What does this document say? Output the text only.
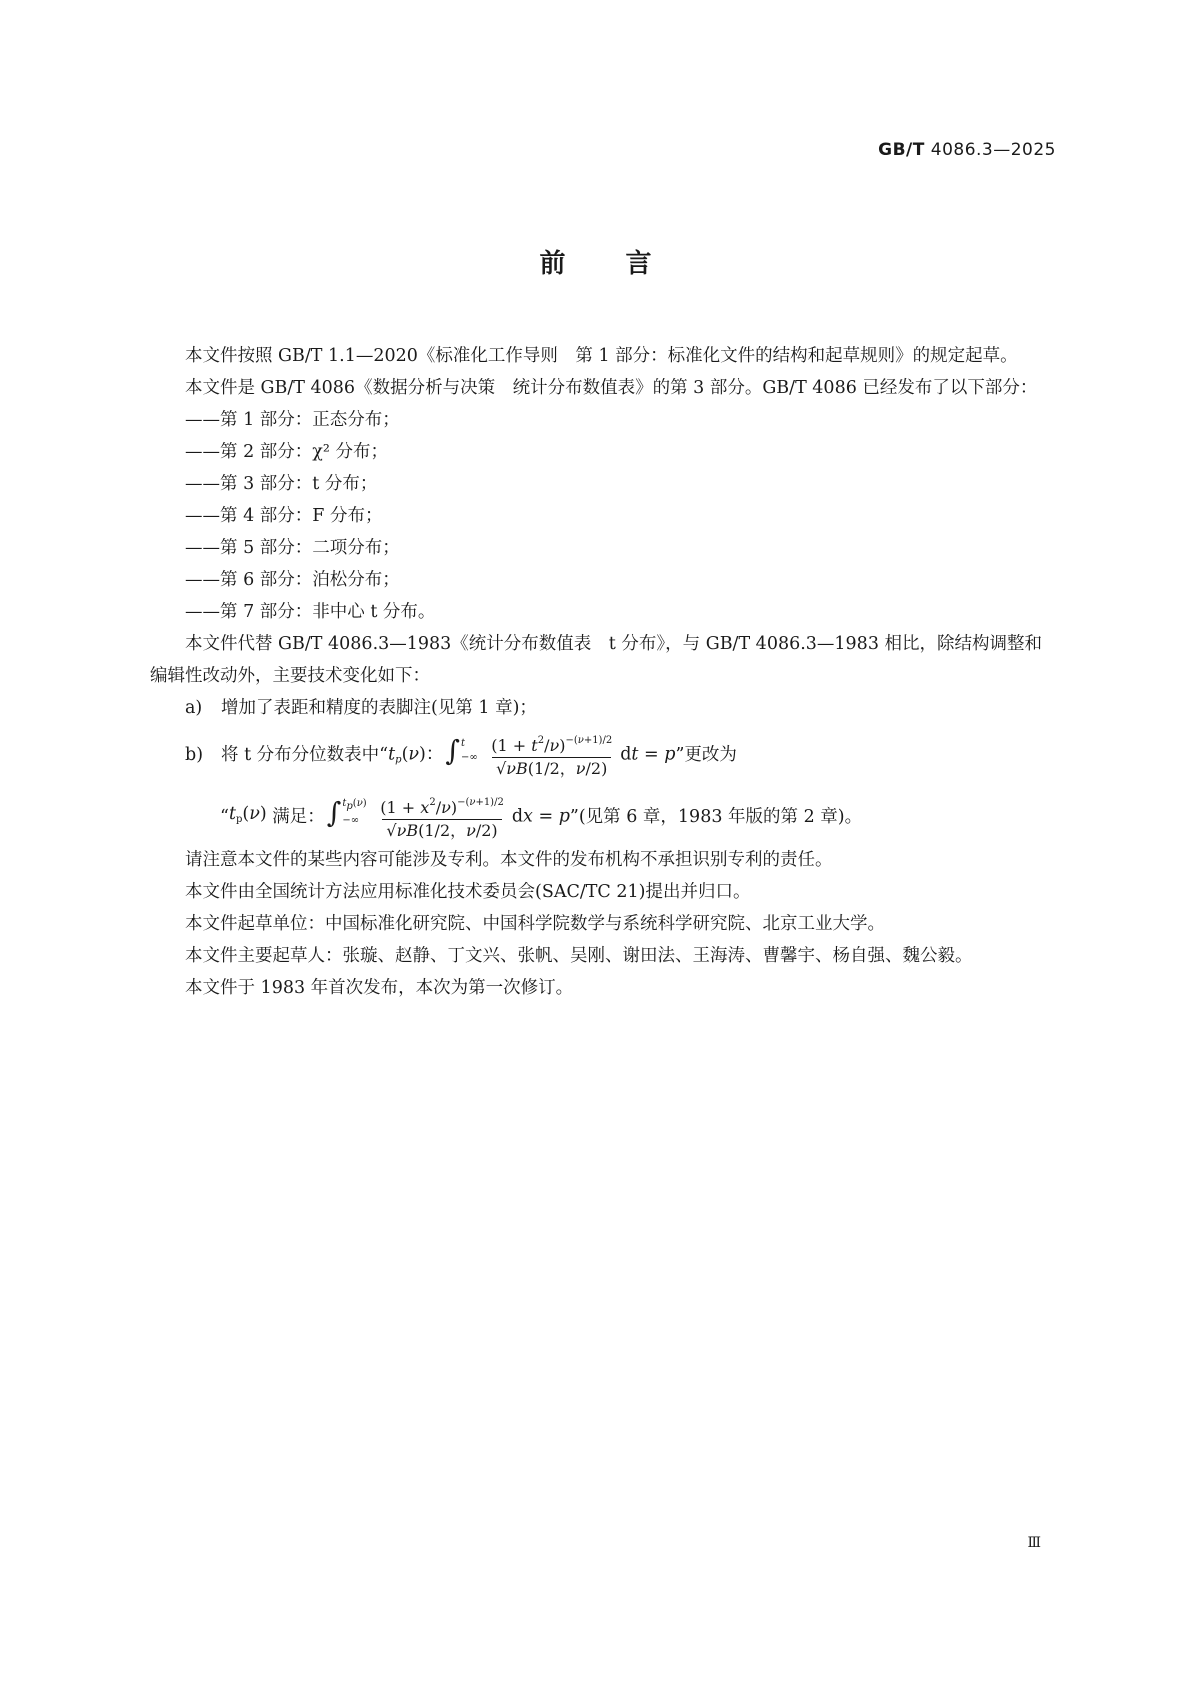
GB/T 4086.3—2025
前言

本文件按照 GB/T 1.1—2020《标准化工作导则　第 1 部分：标准化文件的结构和起草规则》的规定起草。

本文件是 GB/T 4086《数据分析与决策　统计分布数值表》的第 3 部分。GB/T 4086 已经发布了以下部分：

——第 1 部分：正态分布；

——第 2 部分：χ² 分布；

——第 3 部分：t 分布；

——第 4 部分：F 分布；

——第 5 部分：二项分布；

——第 6 部分：泊松分布；

——第 7 部分：非中心 t 分布。

本文件代替 GB/T 4086.3—1983《统计分布数值表　t 分布》，与 GB/T 4086.3—1983 相比，除结构调整和编辑性改动外，主要技术变化如下：

a) 增加了表距和精度的表脚注(见第 1 章)；

b)	将 t 分布分位数表中“ $t_p(\nu)$：∫ t
−∞
$\frac{(1 + t^2/\nu)^{-(\nu+1)/2}}{√\nu B(1/2,\nu/2)}$ dt = p ”更改为
“ $t_p(\nu)$ 满足： ∫ $t_p(\nu)$
−∞
	$\frac{(1 + x^2/\nu)^{-(\nu+1)/2}}{√\nu B(1/2,\nu/2)}$ dx = p ”(见第 6 章，1983 年版的第 2 章)。

请注意本文件的某些内容可能涉及专利。本文件的发布机构不承担识别专利的责任。

本文件由全国统计方法应用标准化技术委员会(SAC/TC 21)提出并归口。

本文件起草单位：中国标准化研究院、中国科学院数学与系统科学研究院、北京工业大学。

本文件主要起草人：张璇、赵静、丁文兴、张帆、吴刚、谢田法、王海涛、曹馨宇、杨自强、魏公毅。

本文件于 1983 年首次发布，本次为第一次修订。

Ⅲ
